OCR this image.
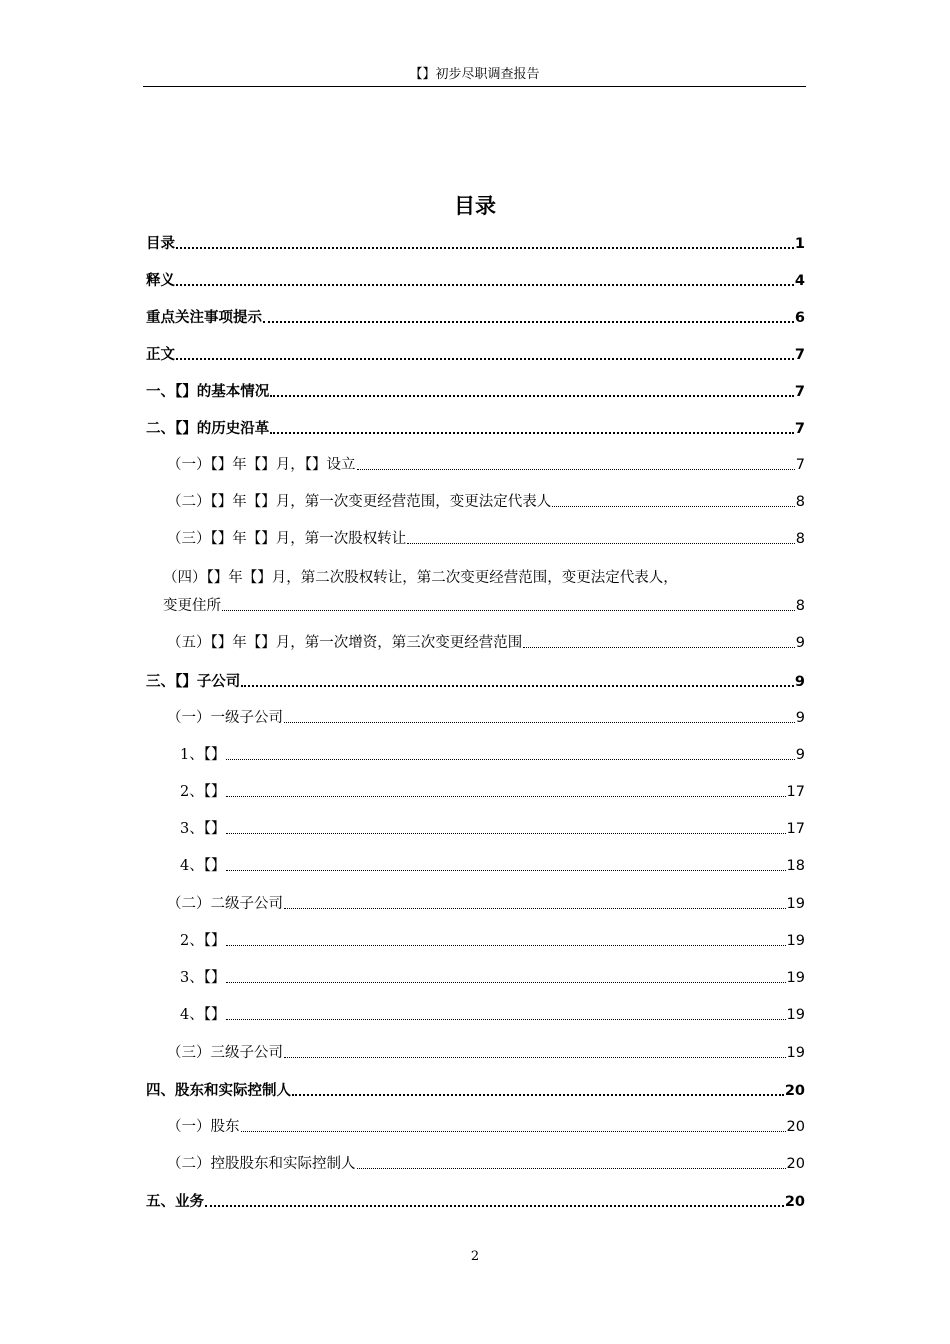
【】初步尽职调查报告
目录
目录	1
释义	4
重点关注事项提示	6
正文	7
一、【】的基本情况	7
二、【】的历史沿革	7
（一）【】年【】月，【】设立	7
（二）【】年【】月，第一次变更经营范围，变更法定代表人	8
（三）【】年【】月，第一次股权转让	8
（四）【】年【】月，第二次股权转让，第二次变更经营范围，变更法定代表人，
变更住所	8
（五）【】年【】月，第一次增资，第三次变更经营范围	9
三、【】子公司	9
（一）一级子公司	9
1、【】	9
2、【】	17
3、【】	17
4、【】	18
（二）二级子公司	19
2、【】	19
3、【】	19
4、【】	19
（三）三级子公司	19
四、股东和实际控制人	20
（一）股东	20
（二）控股股东和实际控制人	20
五、业务	20
2
